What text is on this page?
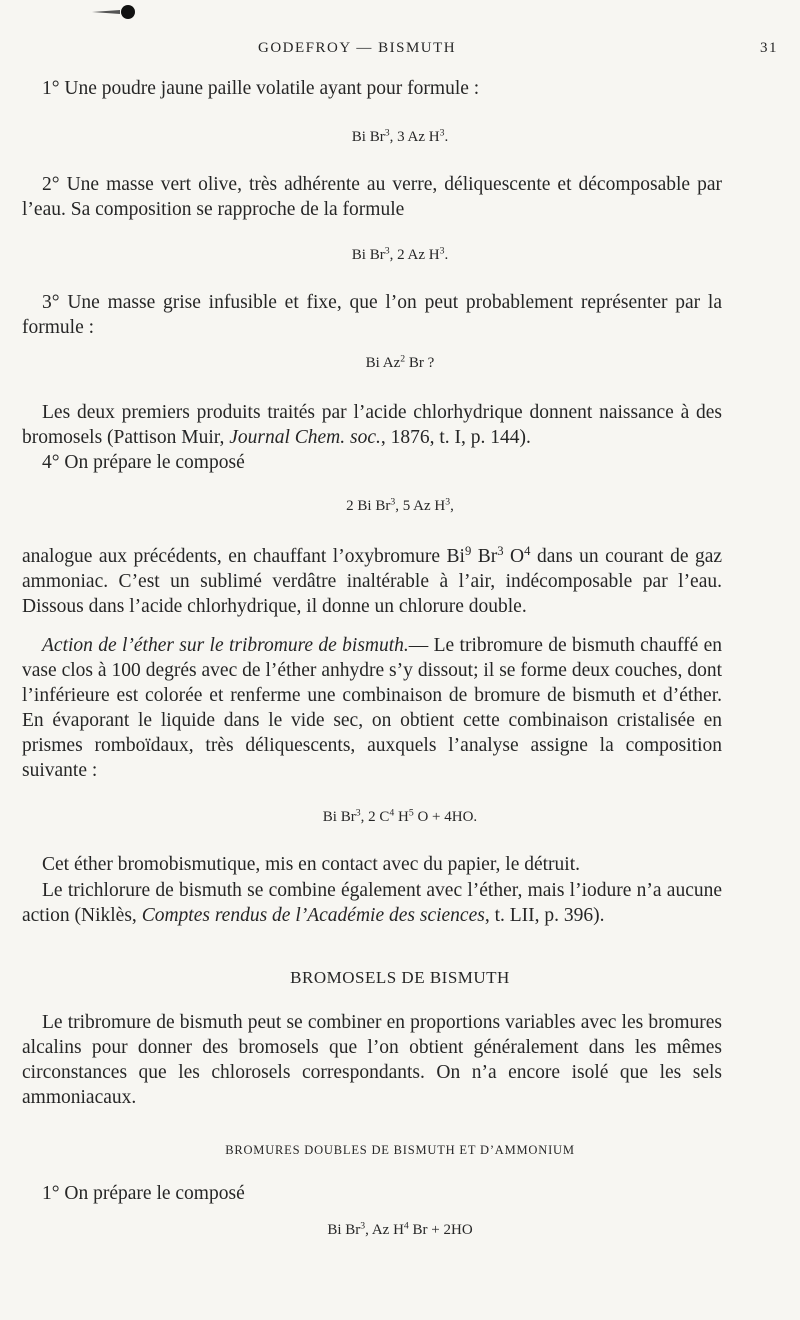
GODEFROY — BISMUTH	31

1° Une poudre jaune paille volatile ayant pour formule :

Bi Br$^3$, 3 Az $H^3$.

2° Une masse vert olive, très adhérente au verre, déliquescente et décomposable par l’eau. Sa composition se rapproche de la formule

Bi Br$^3$, 2 Az $H^3$.

3° Une masse grise infusible et fixe, que l’on peut probablement représenter par la formule :

Bi Az$^2$ Br ?

Les deux premiers produits traités par l’acide chlorhydrique donnent naissance à des bromosels (Pattison Muir, Journal Chem. soc., 1876, t. I, p. 144).

4° On prépare le composé

2 Bi Br$^3$, 5 Az $H^3$,

analogue aux précédents, en chauffant l’oxybromure Bi$^9$ Br$^3$ $O^4$ dans un courant de gaz ammoniac. C’est un sublimé verdâtre inaltérable à l’air, indécomposable par l’eau. Dissous dans l’acide chlorhydrique, il donne un chlorure double.

Action de l’éther sur le tribromure de bismuth.— Le tribromure de bismuth chauffé en vase clos à 100 degrés avec de l’éther anhydre s’y dissout; il se forme deux couches, dont l’inférieure est colorée et renferme une combinaison de bromure de bismuth et d’éther. En évaporant le liquide dans le vide sec, on obtient cette combinaison cristalisée en prismes romboïdaux, très déliquescents, auxquels l’analyse assigne la composition suivante :

Bi Br$^3$, 2 $C^4$ $H^5$ O + 4HO.

Cet éther bromobismutique, mis en contact avec du papier, le détruit.

Le trichlorure de bismuth se combine également avec l’éther, mais l’iodure n’a aucune action (Niklès, Comptes rendus de l’Académie des sciences, t. LII, p. 396).

BROMOSELS DE BISMUTH

Le tribromure de bismuth peut se combiner en proportions variables avec les bromures alcalins pour donner des bromosels que l’on obtient généralement dans les mêmes circonstances que les chlorosels correspondants. On n’a encore isolé que les sels ammoniacaux.

BROMURES DOUBLES DE BISMUTH ET D’AMMONIUM

1° On prépare le composé

Bi Br$^3$, Az $H^4$ Br + 2HO
